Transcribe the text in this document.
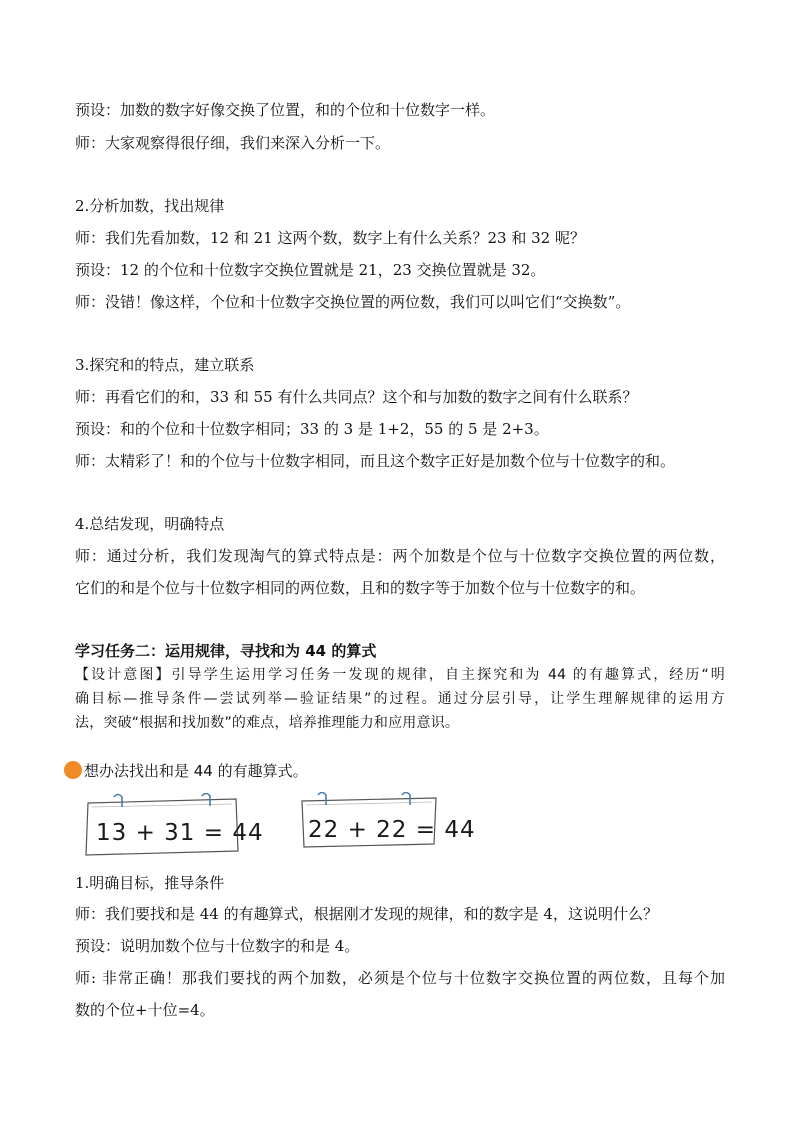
预设：加数的数字好像交换了位置，和的个位和十位数字一样。
师：大家观察得很仔细，我们来深入分析一下。
2.分析加数，找出规律
师：我们先看加数，12 和 21 这两个数，数字上有什么关系？23 和 32 呢？
预设：12 的个位和十位数字交换位置就是 21，23 交换位置就是 32。
师：没错！像这样，个位和十位数字交换位置的两位数，我们可以叫它们“交换数”。
3.探究和的特点，建立联系
师：再看它们的和，33 和 55 有什么共同点？这个和与加数的数字之间有什么联系？
预设：和的个位和十位数字相同；33 的 3 是 1+2，55 的 5 是 2+3。
师：太精彩了！和的个位与十位数字相同，而且这个数字正好是加数个位与十位数字的和。
4.总结发现，明确特点
师：通过分析，我们发现淘气的算式特点是：两个加数是个位与十位数字交换位置的两位数，
它们的和是个位与十位数字相同的两位数，且和的数字等于加数个位与十位数字的和。
学习任务二：运用规律，寻找和为 44 的算式
【设计意图】引导学生运用学习任务一发现的规律，自主探究和为 44 的有趣算式，经历“明
确目标—推导条件—尝试列举—验证结果”的过程。通过分层引导，让学生理解规律的运用方
法，突破“根据和找加数”的难点，培养推理能力和应用意识。
想办法找出和是 44 的有趣算式。
13 + 31 = 44 22 + 22 = 44
1.明确目标，推导条件
师：我们要找和是 44 的有趣算式，根据刚才发现的规律，和的数字是 4，这说明什么？
预设：说明加数个位与十位数字的和是 4。
师: 非常正确！那我们要找的两个加数，必须是个位与十位数字交换位置的两位数，且每个加
数的个位+十位=4。
